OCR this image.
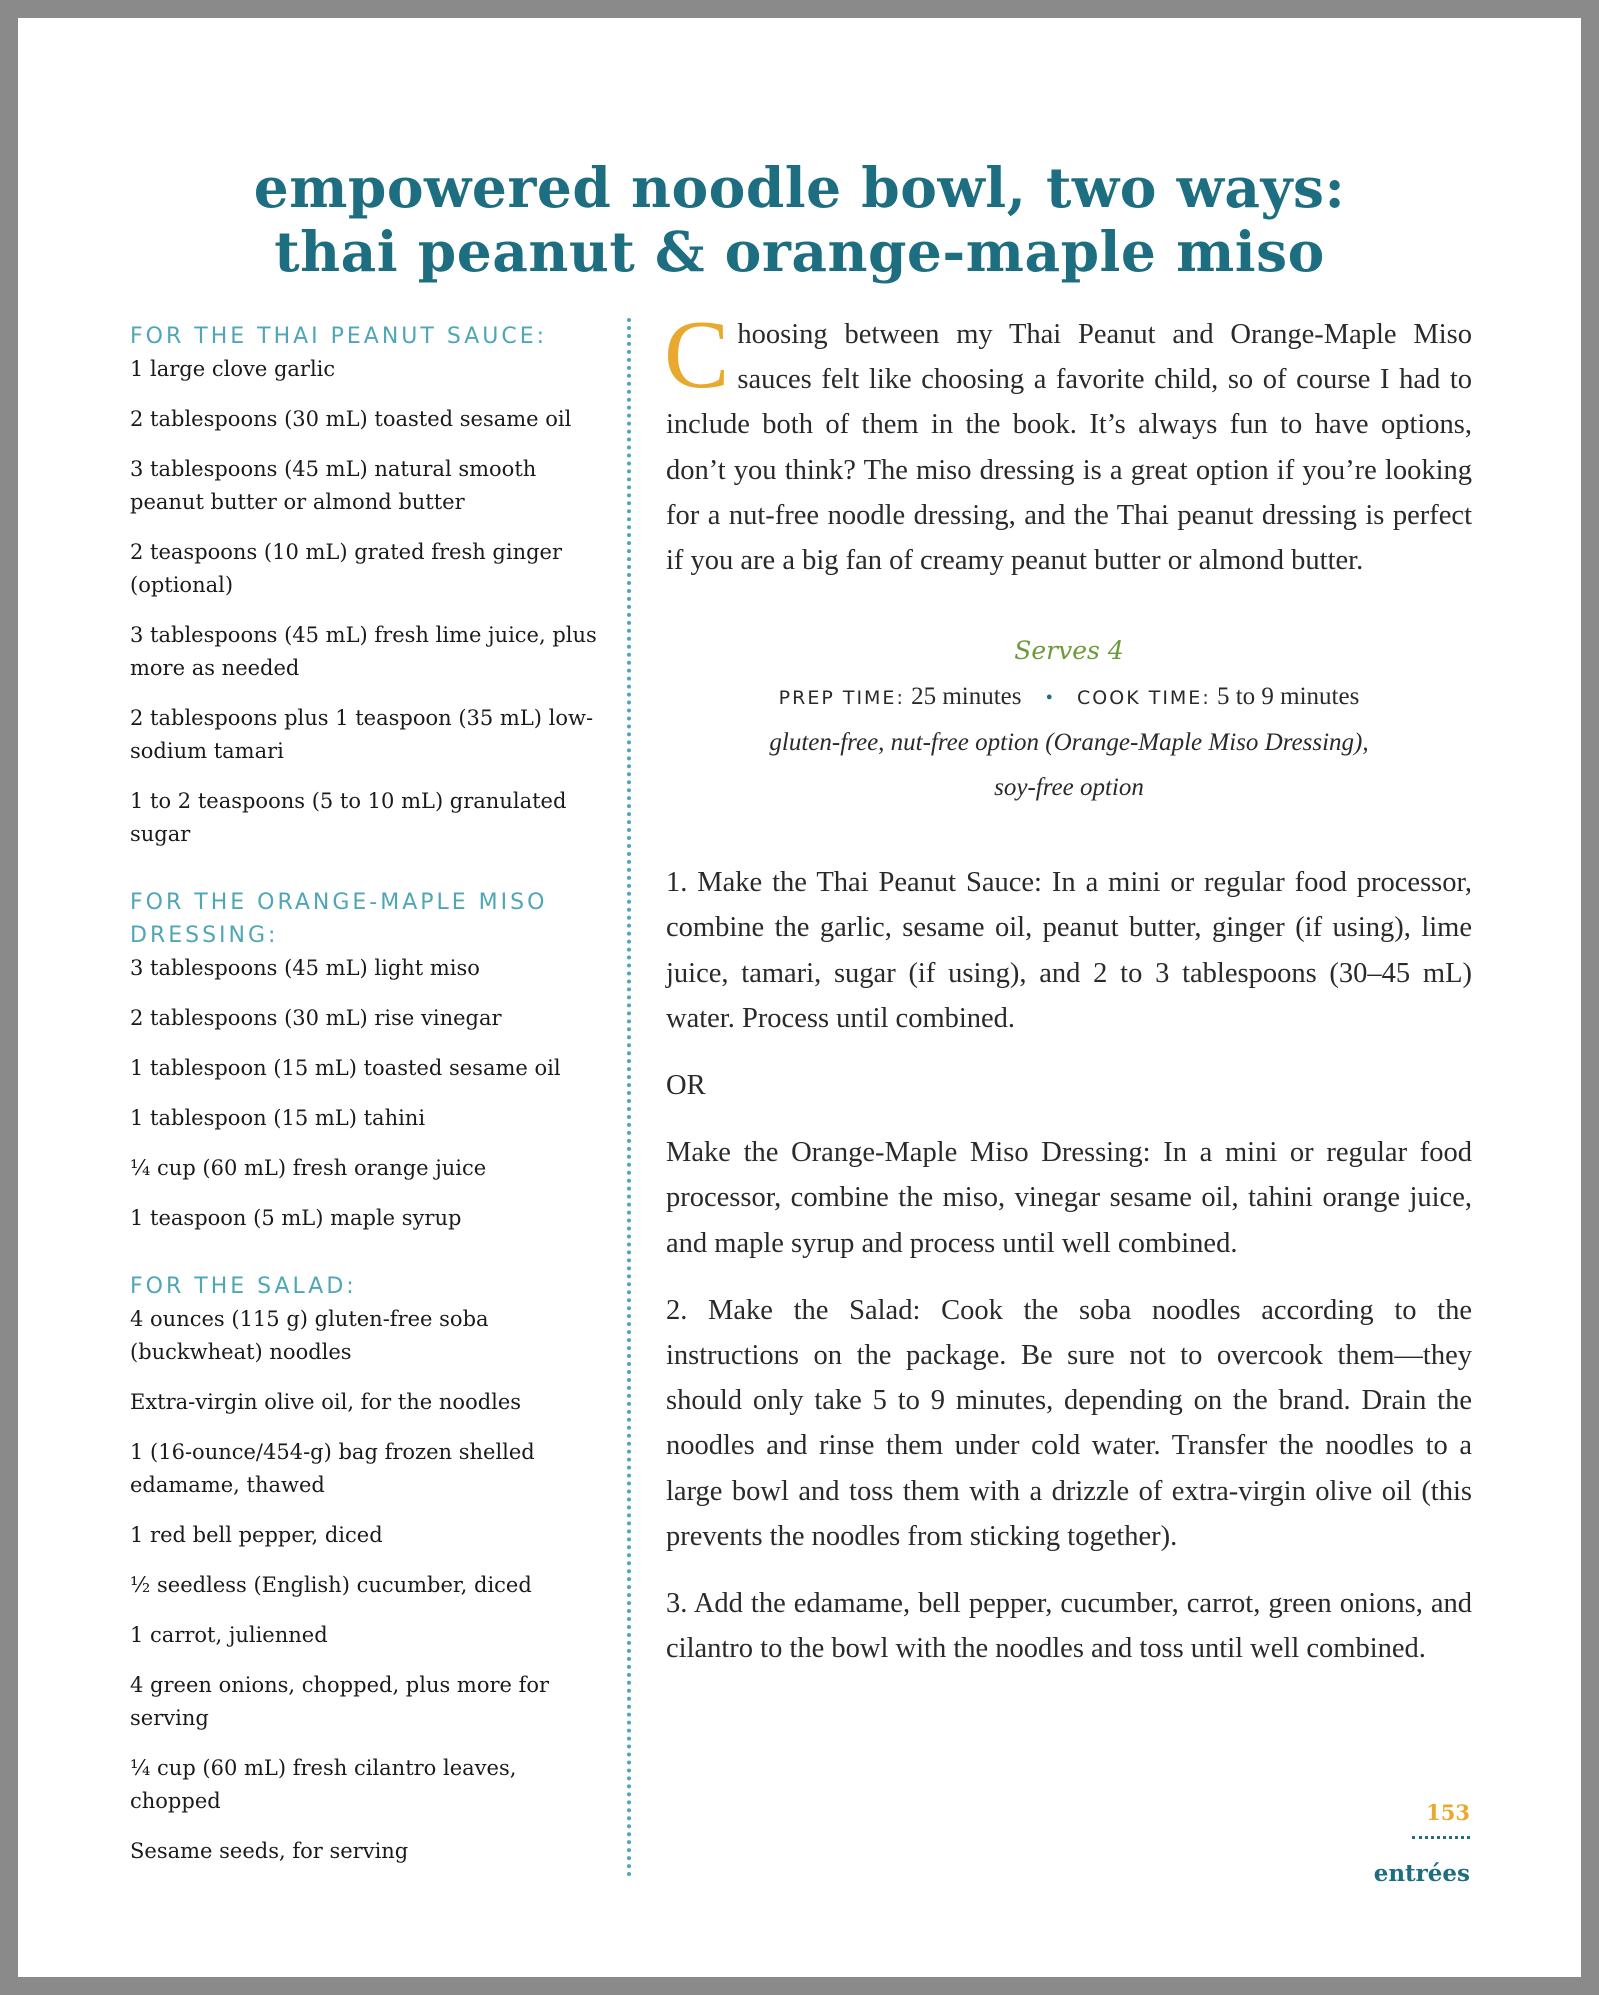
empowered noodle bowl, two ways:
thai peanut & orange-maple miso
FOR THE THAI PEANUT SAUCE:
1 large clove garlic
2 tablespoons (30 mL) toasted sesame oil
3 tablespoons (45 mL) natural smooth peanut butter or almond butter
2 teaspoons (10 mL) grated fresh ginger (optional)
3 tablespoons (45 mL) fresh lime juice, plus more as needed
2 tablespoons plus 1 teaspoon (35 mL) low-sodium tamari
1 to 2 teaspoons (5 to 10 mL) granulated sugar
FOR THE ORANGE-MAPLE MISO DRESSING:
3 tablespoons (45 mL) light miso
2 tablespoons (30 mL) rise vinegar
1 tablespoon (15 mL) toasted sesame oil
1 tablespoon (15 mL) tahini
¼ cup (60 mL) fresh orange juice
1 teaspoon (5 mL) maple syrup
FOR THE SALAD:
4 ounces (115 g) gluten-free soba (buckwheat) noodles
Extra-virgin olive oil, for the noodles
1 (16-ounce/454-g) bag frozen shelled edamame, thawed
1 red bell pepper, diced
½ seedless (English) cucumber, diced
1 carrot, julienned
4 green onions, chopped, plus more for serving
¼ cup (60 mL) fresh cilantro leaves, chopped
Sesame seeds, for serving

Choosing between my Thai Peanut and Orange-Maple Miso sauces felt like choosing a favorite child, so of course I had to include both of them in the book. It’s always fun to have options, don’t you think? The miso dressing is a great option if you’re looking for a nut-free noodle dressing, and the Thai peanut dressing is perfect if you are a big fan of creamy peanut butter or almond butter.

Serves 4
PREP TIME: 25 minutes • COOK TIME: 5 to 9 minutes
gluten-free, nut-free option (Orange-Maple Miso Dressing),
soy-free option
1. Make the Thai Peanut Sauce: In a mini or regular food processor, combine the garlic, sesame oil, peanut butter, ginger (if using), lime juice, tamari, sugar (if using), and 2 to 3 tablespoons (30–45 mL) water. Process until combined.
OR
Make the Orange-Maple Miso Dressing: In a mini or regular food processor, combine the miso, vinegar sesame oil, tahini orange juice, and maple syrup and process until well combined.
2. Make the Salad: Cook the soba noodles according to the instructions on the package. Be sure not to overcook them—they should only take 5 to 9 minutes, depending on the brand. Drain the noodles and rinse them under cold water. Transfer the noodles to a large bowl and toss them with a drizzle of extra-virgin olive oil (this prevents the noodles from sticking together).
3. Add the edamame, bell pepper, cucumber, carrot, green onions, and cilantro to the bowl with the noodles and toss until well combined.
153
entrées
